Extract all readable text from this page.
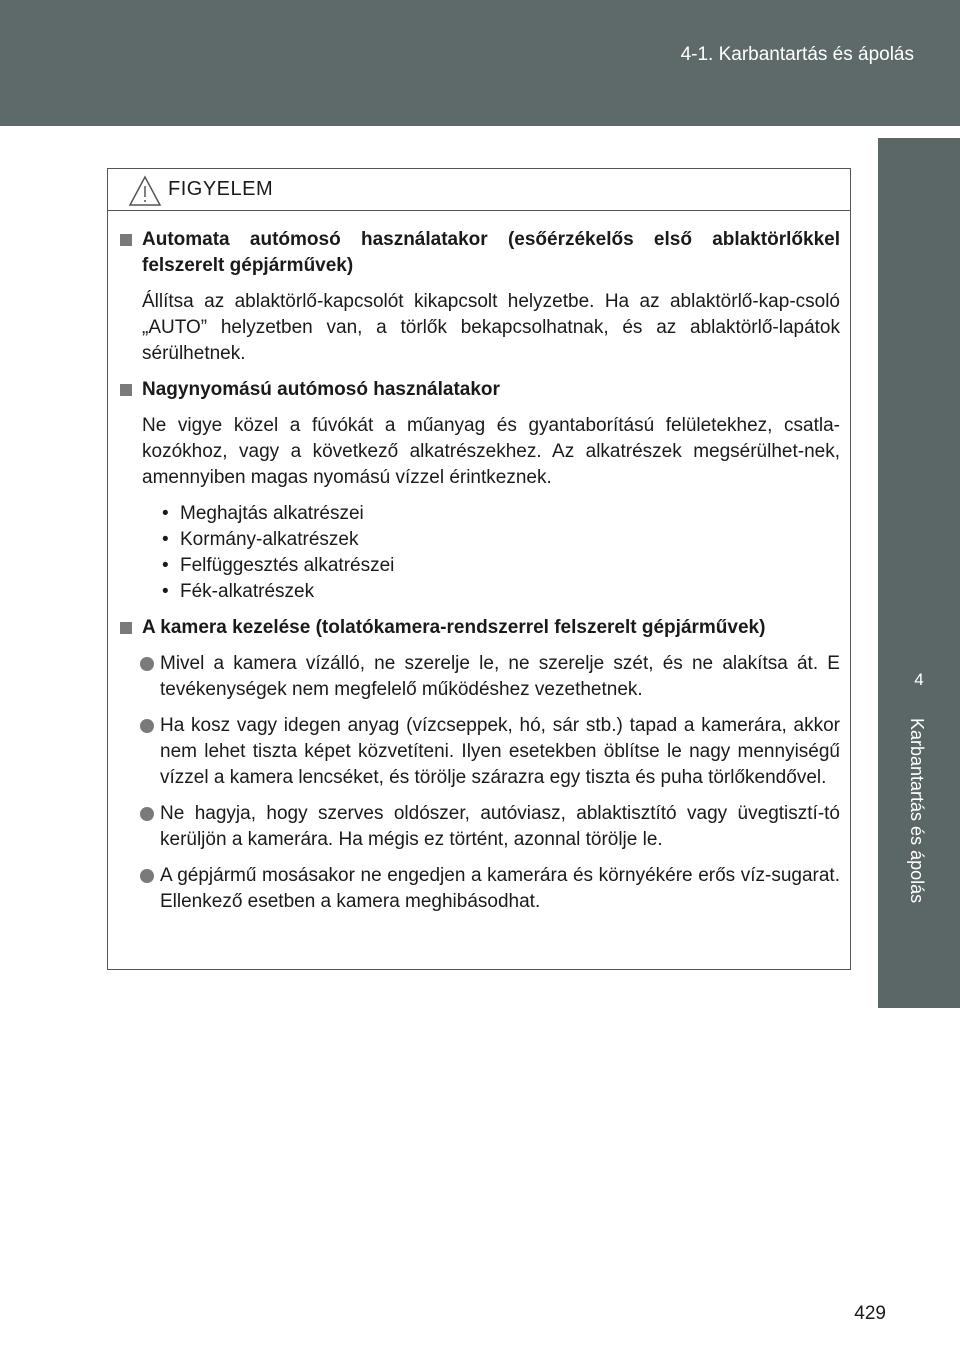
4-1. Karbantartás és ápolás
4
Karbantartás és ápolás
FIGYELEM
Automata autómosó használatakor (esőérzékelős első ablaktörlőkkel felszerelt gépjárművek)
Állítsa az ablaktörlő-kapcsolót kikapcsolt helyzetbe. Ha az ablaktörlő-kap-csoló „AUTO” helyzetben van, a törlők bekapcsolhatnak, és az ablaktörlő-lapátok sérülhetnek.
Nagynyomású autómosó használatakor
Ne vigye közel a fúvókát a műanyag és gyantaborítású felületekhez, csatla-kozókhoz, vagy a következő alkatrészekhez. Az alkatrészek megsérülhet-nek, amennyiben magas nyomású vízzel érintkeznek.
• Meghajtás alkatrészei
• Kormány-alkatrészek
• Felfüggesztés alkatrészei
• Fék-alkatrészek
A kamera kezelése (tolatókamera-rendszerrel felszerelt gépjárművek)
Mivel a kamera vízálló, ne szerelje le, ne szerelje szét, és ne alakítsa át. E tevékenységek nem megfelelő működéshez vezethetnek.
Ha kosz vagy idegen anyag (vízcseppek, hó, sár stb.) tapad a kamerára, akkor nem lehet tiszta képet közvetíteni. Ilyen esetekben öblítse le nagy mennyiségű vízzel a kamera lencséket, és törölje szárazra egy tiszta és puha törlőkendővel.
Ne hagyja, hogy szerves oldószer, autóviasz, ablaktisztító vagy üvegtisztí-tó kerüljön a kamerára. Ha mégis ez történt, azonnal törölje le.
A gépjármű mosásakor ne engedjen a kamerára és környékére erős víz-sugarat. Ellenkező esetben a kamera meghibásodhat.
429
